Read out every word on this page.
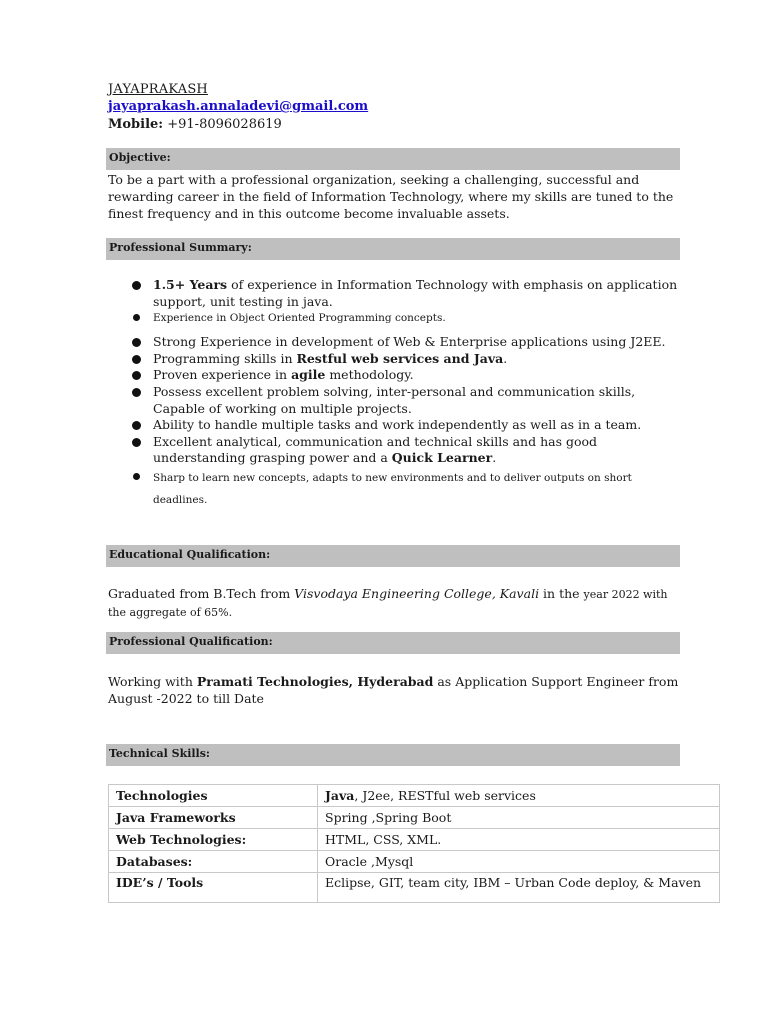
JAYAPRAKASH
jayaprakash.annaladevi@gmail.com
Mobile: +91-8096028619
Objective:
To be a part with a professional organization, seeking a challenging, successful and rewarding career in the field of Information Technology, where my skills are tuned to the finest frequency and in this outcome become invaluable assets.
Professional Summary:
1.5+ Years of experience in Information Technology with emphasis on application support, unit testing in java.
Experience in Object Oriented Programming concepts.
Strong Experience in development of Web & Enterprise applications using J2EE.
Programming skills in Restful web services and Java.
Proven experience in agile methodology.
Possess excellent problem solving, inter-personal and communication skills, Capable of working on multiple projects.
Ability to handle multiple tasks and work independently as well as in a team.
Excellent analytical, communication and technical skills and has good understanding grasping power and a Quick Learner.
Sharp to learn new concepts, adapts to new environments and to deliver outputs on short deadlines.
Educational Qualification:
Graduated from B.Tech from Visvodaya Engineering College, Kavali in the year 2022 with the aggregate of 65%.
Professional Qualification:
Working with Pramati Technologies, Hyderabad as Application Support Engineer from August -2022 to till Date
Technical Skills:
Technologies	Java, J2ee, RESTful web services
Java Frameworks	Spring ,Spring Boot
Web Technologies:	HTML, CSS, XML.
Databases:	Oracle ,Mysql
IDE’s / Tools	Eclipse, GIT, team city, IBM – Urban Code deploy, & Maven
